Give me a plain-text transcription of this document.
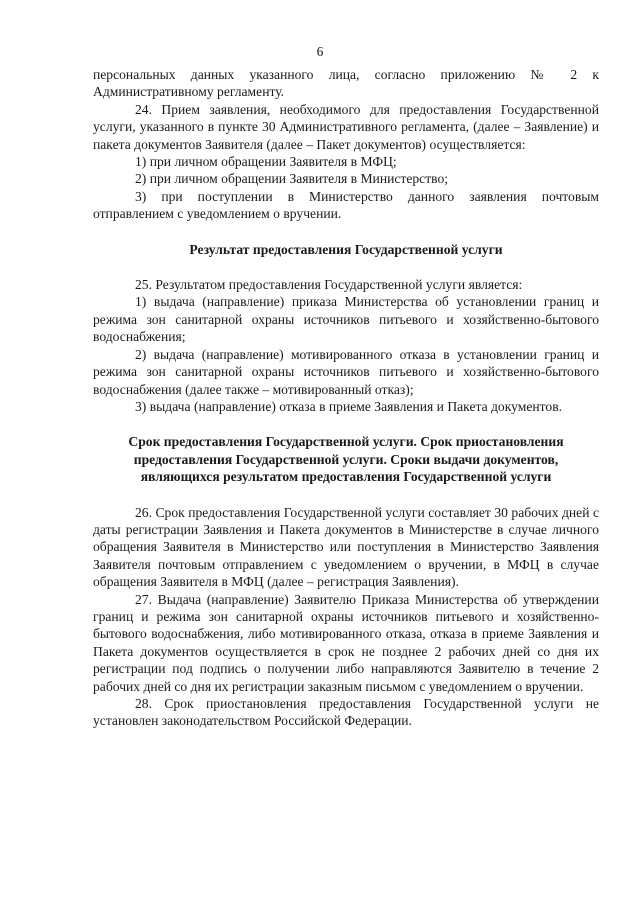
6

персональных данных указанного лица, согласно приложению № 2 к Административному регламенту.

24. Прием заявления, необходимого для предоставления Государственной услуги, указанного в пункте 30 Административного регламента, (далее – Заявление) и пакета документов Заявителя (далее – Пакет документов) осуществляется:

1) при личном обращении Заявителя в МФЦ;

2) при личном обращении Заявителя в Министерство;

3) при поступлении в Министерство данного заявления почтовым отправлением с уведомлением о вручении.

Результат предоставления Государственной услуги

25. Результатом предоставления Государственной услуги является:

1) выдача (направление) приказа Министерства об установлении границ и режима зон санитарной охраны источников питьевого и хозяйственно-бытового водоснабжения;

2) выдача (направление) мотивированного отказа в установлении границ и режима зон санитарной охраны источников питьевого и хозяйственно-бытового водоснабжения (далее также – мотивированный отказ);

3) выдача (направление) отказа в приеме Заявления и Пакета документов.

Срок предоставления Государственной услуги. Срок приостановления предоставления Государственной услуги. Сроки выдачи документов, являющихся результатом предоставления Государственной услуги

26. Срок предоставления Государственной услуги составляет 30 рабочих дней с даты регистрации Заявления и Пакета документов в Министерстве в случае личного обращения Заявителя в Министерство или поступления в Министерство Заявления Заявителя почтовым отправлением с уведомлением о вручении, в МФЦ в случае обращения Заявителя в МФЦ (далее – регистрация Заявления).

27. Выдача (направление) Заявителю Приказа Министерства об утверждении границ и режима зон санитарной охраны источников питьевого и хозяйственно-бытового водоснабжения, либо мотивированного отказа, отказа в приеме Заявления и Пакета документов осуществляется в срок не позднее 2 рабочих дней со дня их регистрации под подпись о получении либо направляются Заявителю в течение 2 рабочих дней со дня их регистрации заказным письмом с уведомлением о вручении.

28. Срок приостановления предоставления Государственной услуги не установлен законодательством Российской Федерации.
